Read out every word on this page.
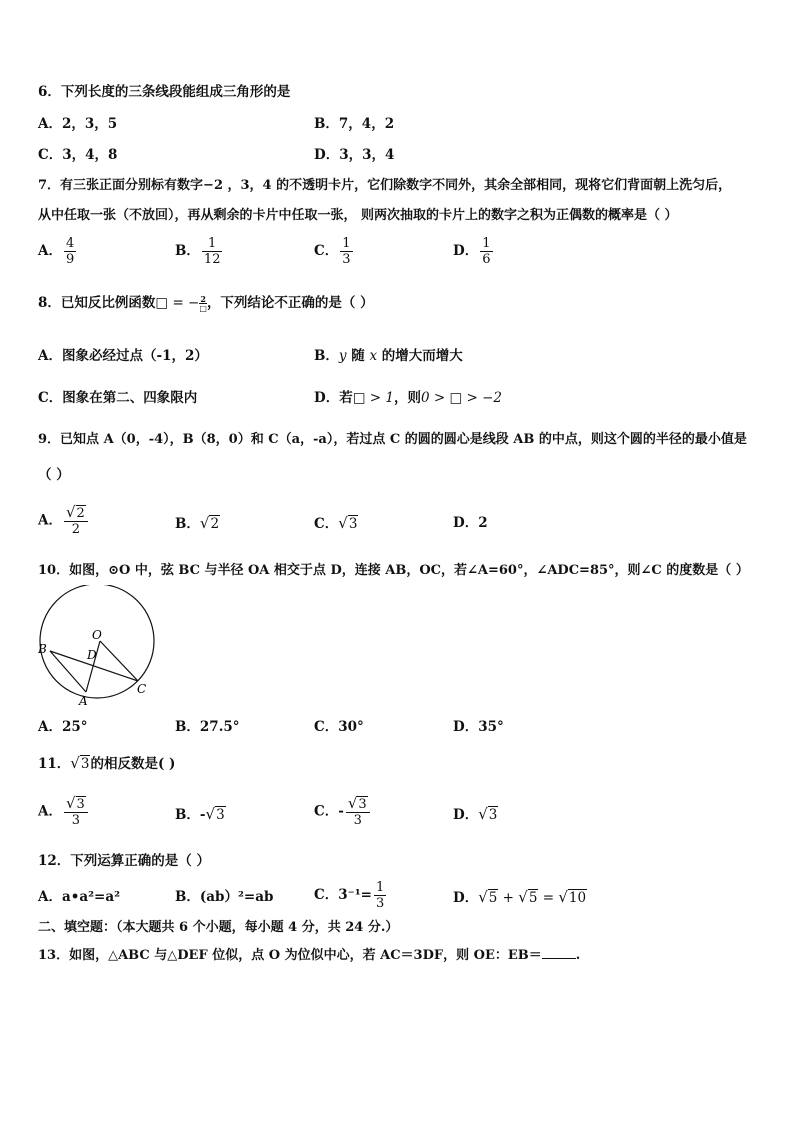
6．下列长度的三条线段能组成三角形的是
A．2，3，5	B．7，4，2
C．3，4，8	D．3，3，4
7．有三张正面分别标有数字−2 ，3，4 的不透明卡片，它们除数字不同外，其余全部相同，现将它们背面朝上洗匀后，
从中任取一张（不放回），再从剩余的卡片中任取一张， 则两次抽取的卡片上的数字之积为正偶数的概率是（ ）
A． $\frac{4}{9}$	B． $\frac{1}{12}$	C． $\frac{1}{3}$	D． $\frac{1}{6}$
8．已知反比例函数□ = − $\frac{2}{□}$ ，下列结论不正确的是（ ）
A．图象必经过点（-1，2）	B．y 随 x 的增大而增大
C．图象在第二、四象限内	D．若□ > 1，则0 > □ > −2
9．已知点 A（0，-4），B（8，0）和 C（a，-a），若过点 C 的圆的圆心是线段 AB 的中点，则这个圆的半径的最小值是
（ ）
A． $\frac{√2}{2}$	B．√2	C．√3	D．2
10．如图，⊙O 中，弦 BC 与半径 OA 相交于点 D，连接 AB，OC，若∠A=60°，∠ADC=85°，则∠C 的度数是（ ）
O
B	D
A
C
A．25°	B．27.5°	C．30°	D．35°
11．√3的相反数是( )
A． $\frac{√3}{3}$	B．-√3	C．- $\frac{√3}{3}$	D．√3
12．下列运算正确的是（ ）
A．a•a²=a²	B．(ab）²=ab	C．$3^{-1}= \frac{1}{3}$	D．√5 + √5 = √10
二、填空题：（本大题共 6 个小题，每小题 4 分，共 24 分.）
13．如图，△ABC 与△DEF 位似，点 O 为位似中心，若 AC＝3DF，则 OE：EB＝	.
